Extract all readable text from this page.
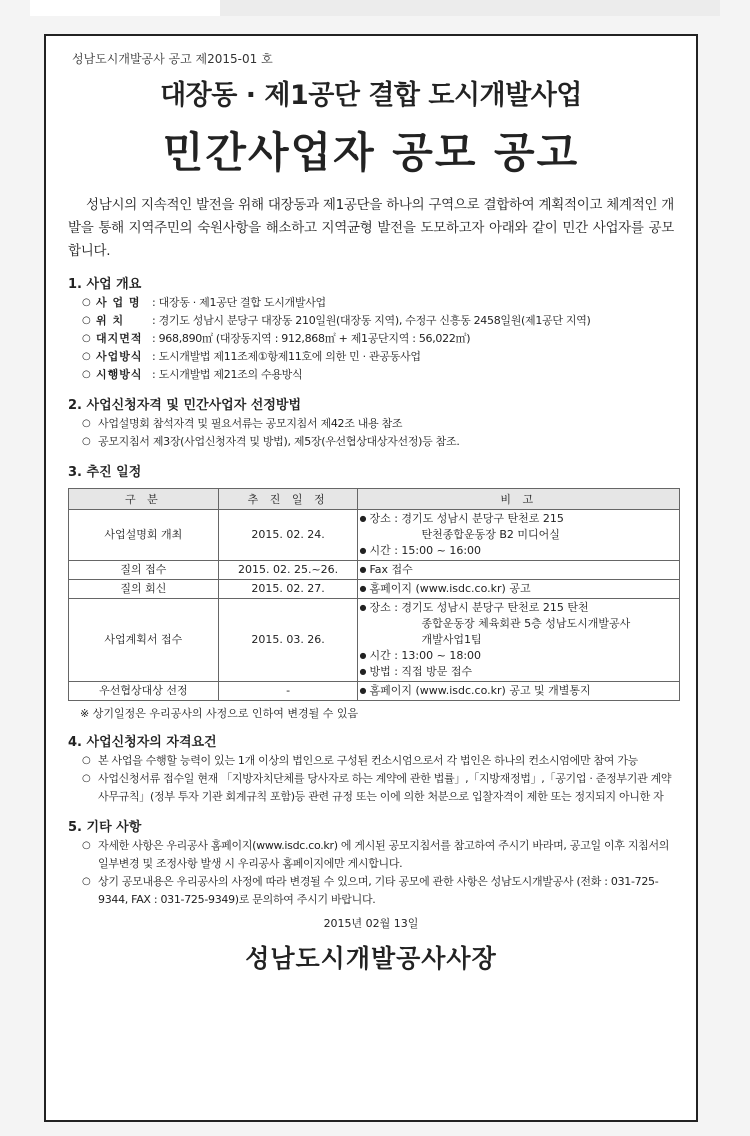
성남도시개발공사 공고 제2015-01 호
대장동 · 제1공단 결합 도시개발사업
민간사업자 공모 공고
성남시의 지속적인 발전을 위해 대장동과 제1공단을 하나의 구역으로 결합하여 계획적이고 체계적인 개발을 통해 지역주민의 숙원사항을 해소하고 지역균형 발전을 도모하고자 아래와 같이 민간 사업자를 공모합니다.
1. 사업 개요
○ 사 업 명 : 대장동 · 제1공단 결합 도시개발사업
○ 위 치	: 경기도 성남시 분당구 대장동 210일원(대장동 지역), 수정구 신흥동 2458일원(제1공단 지역)
○ 대지면적 : 968,890㎡ (대장동지역 : 912,868㎡ + 제1공단지역 : 56,022㎡)
○ 사업방식 : 도시개발법 제11조제①항제11호에 의한 민 · 관공동사업
○ 시행방식 : 도시개발법 제21조의 수용방식
2. 사업신청자격 및 민간사업자 선정방법
○ 사업설명회 참석자격 및 필요서류는 공모지침서 제42조 내용 참조
○ 공모지침서 제3장(사업신청자격 및 방법), 제5장(우선협상대상자선정)등 참조.
3. 추진 일정
구 분	추 진 일 정	비 고
사업설명회 개최	2015. 02. 24.	● 장소 : 경기도 성남시 분당구 탄천로 215
탄천종합운동장 B2 미디어실
● 시간 : 15:00 ~ 16:00

질의 접수	2015. 02. 25.~26.	● Fax 접수

질의 회신	2015. 02. 27.	● 홈페이지 (www.isdc.co.kr) 공고

사업계획서 접수	2015. 03. 26.	● 장소 : 경기도 성남시 분당구 탄천로 215 탄천
종합운동장 체육회관 5층 성남도시개발공사
개발사업1팀
● 시간 : 13:00 ~ 18:00
● 방법 : 직접 방문 접수

우선협상대상 선정	-	● 홈페이지 (www.isdc.co.kr) 공고 및 개별통지
※ 상기일정은 우리공사의 사정으로 인하여 변경될 수 있음
4. 사업신청자의 자격요건
○ 본 사업을 수행할 능력이 있는 1개 이상의 법인으로 구성된 컨소시엄으로서 각 법인은 하나의 컨소시엄에만 참여 가능
○ 사업신청서류 접수일 현재 「지방자치단체를 당사자로 하는 계약에 관한 법률」,「지방재정법」,「공기업 · 준정부기관 계약 사무규칙」(정부 투자 기관 회계규칙 포함)등 관련 규정 또는 이에 의한 처분으로 입찰자격이 제한 또는 정지되지 아니한 자
5. 기타 사항
○ 자세한 사항은 우리공사 홈페이지(www.isdc.co.kr) 에 게시된 공모지침서를 참고하여 주시기 바라며, 공고일 이후 지침서의 일부변경 및 조정사항 발생 시 우리공사 홈페이지에만 게시합니다.
○ 상기 공모내용은 우리공사의 사정에 따라 변경될 수 있으며, 기타 공모에 관한 사항은 성남도시개발공사 (전화 : 031-725-9344, FAX : 031-725-9349)로 문의하여 주시기 바랍니다.
2015년 02월 13일
성남도시개발공사사장
